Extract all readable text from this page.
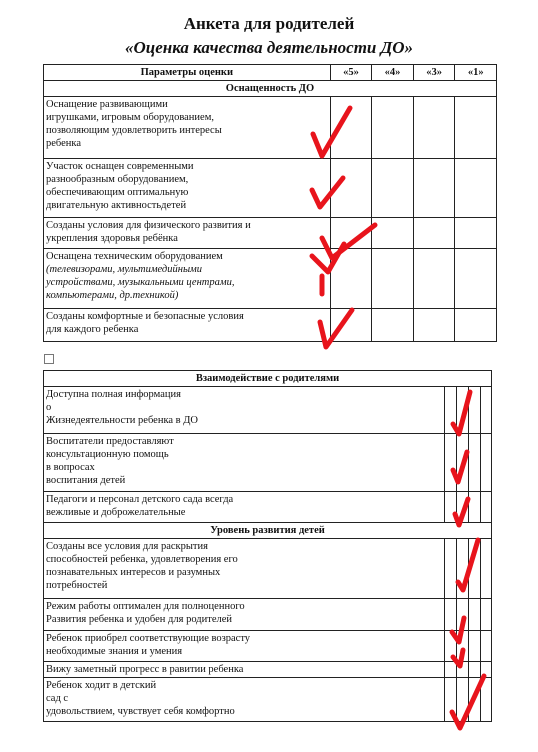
Анкета для родителей
«Оценка качества деятельности ДО»
Параметры оценки	«5»	«4»	«3»	«1»
Оснащенность ДО				

Оснащение развивающими
игрушками, игровым оборудованием,
позволяющим удовлетворить интересы
ребенка				

Участок оснащен современными
разнообразным оборудованием,
обеспечивающим оптимальную
двигательную активностьдетей				

Созданы условия для физического развития и
укрепления здоровья ребёнка				

Оснащена техническим оборудованием
(телевизорами, мультимедийными
устройствами, музыкальными центрами,
компьютерами, др.техникой)				

Созданы комфортные и безопасные условия
для каждого ребенка				

Взаимодействие с родителями				

Доступна полная информация
о
Жизнедеятельности ребенка в ДО				

Воспитатели предоставляют
консультационную помощь
в вопросах
воспитания детей				

Педагоги и персонал детского сада всегда
вежливые и доброжелательные				

Уровень развития детей				

Созданы все условия для раскрытия
способностей ребенка, удовлетворения его
познавательных интересов и разумных
потребностей				

Режим работы оптимален для полноценного
Развития ребенка и удобен для родителей				

Ребенок приобрел соответствующие возрасту
необходимые знания и умения				

Вижу заметный прогресс в равитии ребенка				

Ребенок ходит в детский
сад с
удовольствием, чувствует себя комфортно				
